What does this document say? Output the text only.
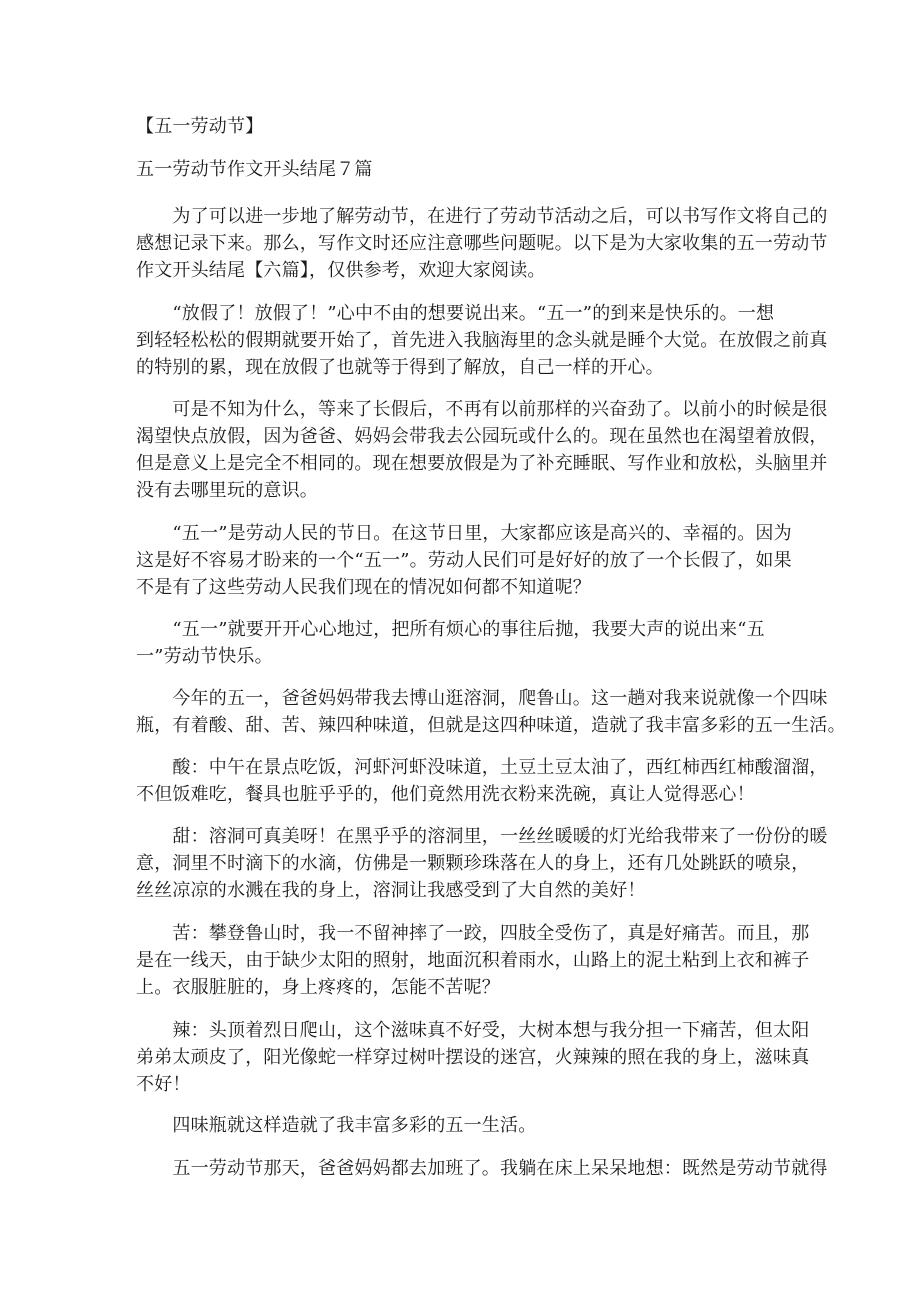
【五一劳动节】
五一劳动节作文开头结尾７篇
　　为了可以进一步地了解劳动节，在进行了劳动节活动之后，可以书写作文将自己的
感想记录下来。那么，写作文时还应注意哪些问题呢。以下是为大家收集的五一劳动节
作文开头结尾【六篇】，仅供参考，欢迎大家阅读。
　　“放假了！放假了！”心中不由的想要说出来。“五一”的到来是快乐的。一想
到轻轻松松的假期就要开始了，首先进入我脑海里的念头就是睡个大觉。在放假之前真
的特别的累，现在放假了也就等于得到了解放，自己一样的开心。
　　可是不知为什么，等来了长假后，不再有以前那样的兴奋劲了。以前小的时候是很
渴望快点放假，因为爸爸、妈妈会带我去公园玩或什么的。现在虽然也在渴望着放假，
但是意义上是完全不相同的。现在想要放假是为了补充睡眠、写作业和放松，头脑里并
没有去哪里玩的意识。
　　“五一”是劳动人民的节日。在这节日里，大家都应该是高兴的、幸福的。因为
这是好不容易才盼来的一个“五一”。劳动人民们可是好好的放了一个长假了，如果
不是有了这些劳动人民我们现在的情况如何都不知道呢？
　　“五一”就要开开心心地过，把所有烦心的事往后抛，我要大声的说出来“五
一”劳动节快乐。
　　今年的五一，爸爸妈妈带我去博山逛溶洞，爬鲁山。这一趟对我来说就像一个四味
瓶，有着酸、甜、苦、辣四种味道，但就是这四种味道，造就了我丰富多彩的五一生活。
　　酸：中午在景点吃饭，河虾河虾没味道，土豆土豆太油了，西红柿西红柿酸溜溜，
不但饭难吃，餐具也脏乎乎的，他们竟然用洗衣粉来洗碗，真让人觉得恶心！
　　甜：溶洞可真美呀！在黑乎乎的溶洞里，一丝丝暖暖的灯光给我带来了一份份的暖
意，洞里不时滴下的水滴，仿佛是一颗颗珍珠落在人的身上，还有几处跳跃的喷泉，
丝丝凉凉的水溅在我的身上，溶洞让我感受到了大自然的美好！
　　苦：攀登鲁山时，我一不留神摔了一跤，四肢全受伤了，真是好痛苦。而且，那
是在一线天，由于缺少太阳的照射，地面沉积着雨水，山路上的泥土粘到上衣和裤子
上。衣服脏脏的，身上疼疼的，怎能不苦呢？
　　辣：头顶着烈日爬山，这个滋味真不好受，大树本想与我分担一下痛苦，但太阳
弟弟太顽皮了，阳光像蛇一样穿过树叶摆设的迷宫，火辣辣的照在我的身上，滋味真
不好！
　　四味瓶就这样造就了我丰富多彩的五一生活。
　　五一劳动节那天，爸爸妈妈都去加班了。我躺在床上呆呆地想：既然是劳动节就得
